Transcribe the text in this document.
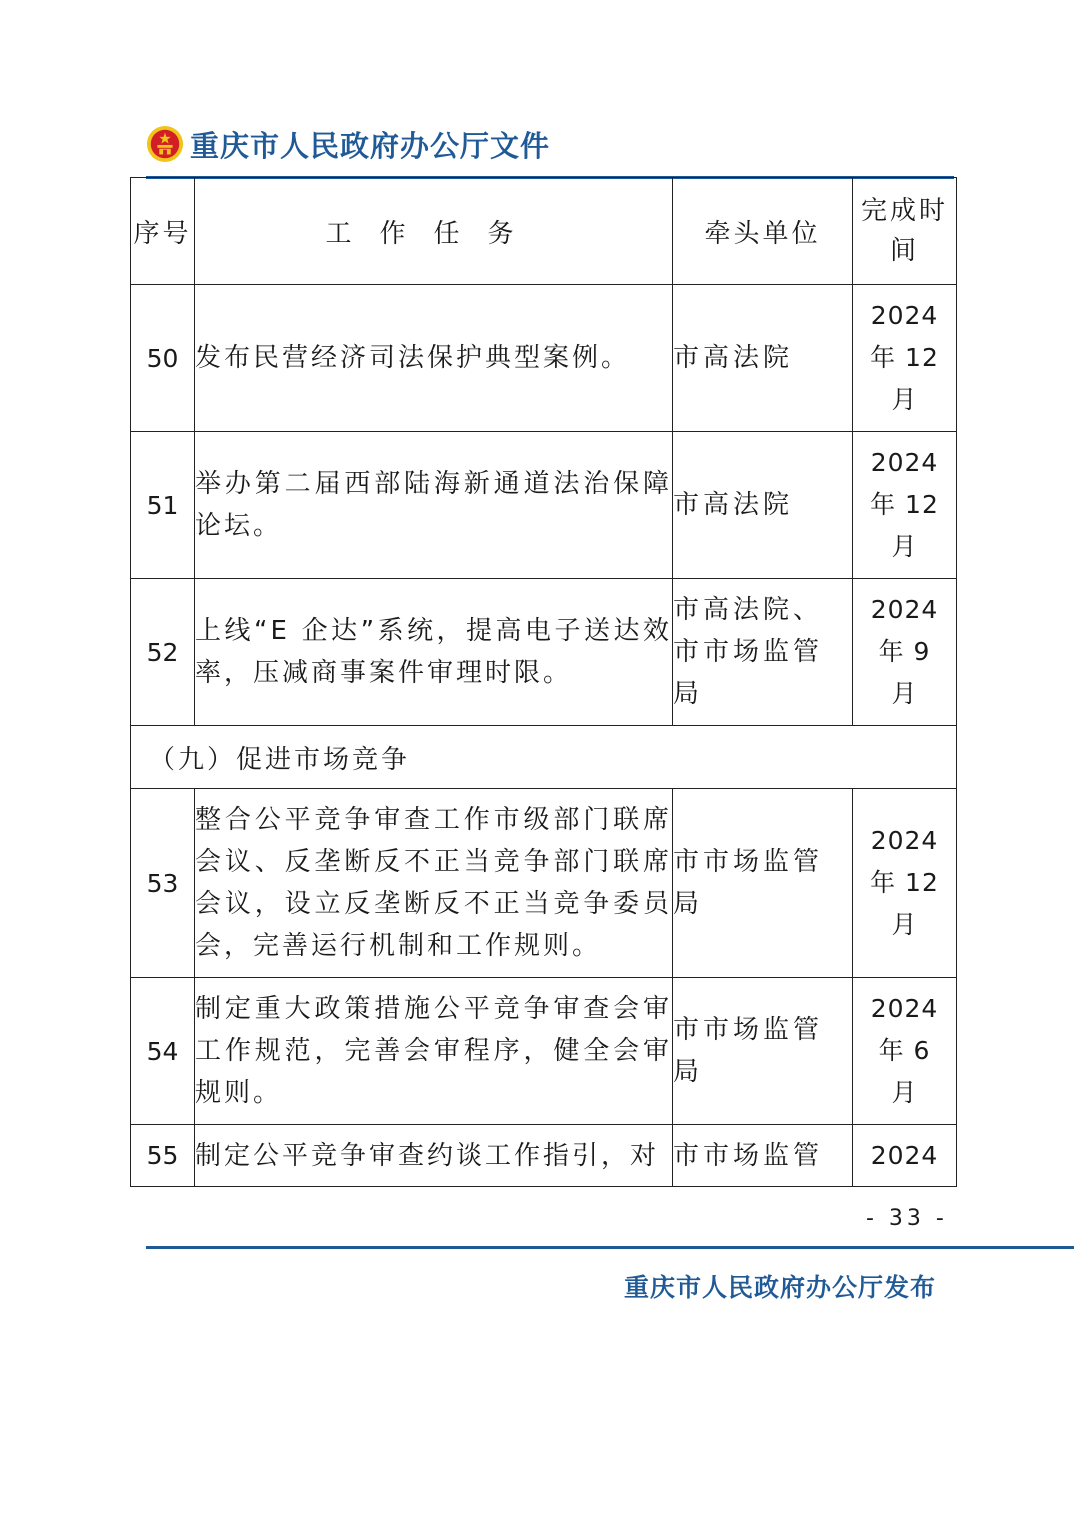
重庆市人民政府办公厅文件
序号	工作任务	牵头单位	完成时
间
50	发布民营经济司法保护典型案例。	市高法院	2024
年 12
月
51	举办第二届西部陆海新通道法治保障论坛。	市高法院	2024
年 12
月
52	上线“E 企达”系统，提高电子送达效率，压减商事案件审理时限。	市高法院、市市场监管局	2024
年 9
月
（九）促进市场竞争			
53	整合公平竞争审查工作市级部门联席会议、反垄断反不正当竞争部门联席会议，设立反垄断反不正当竞争委员会，完善运行机制和工作规则。	市市场监管局	2024
年 12
月
54	制定重大政策措施公平竞争审查会审工作规范，完善会审程序，健全会审规则。	市市场监管局	2024
年 6
月
55	制定公平竞争审查约谈工作指引，对	市市场监管	2024
- 33 -
重庆市人民政府办公厅发布
